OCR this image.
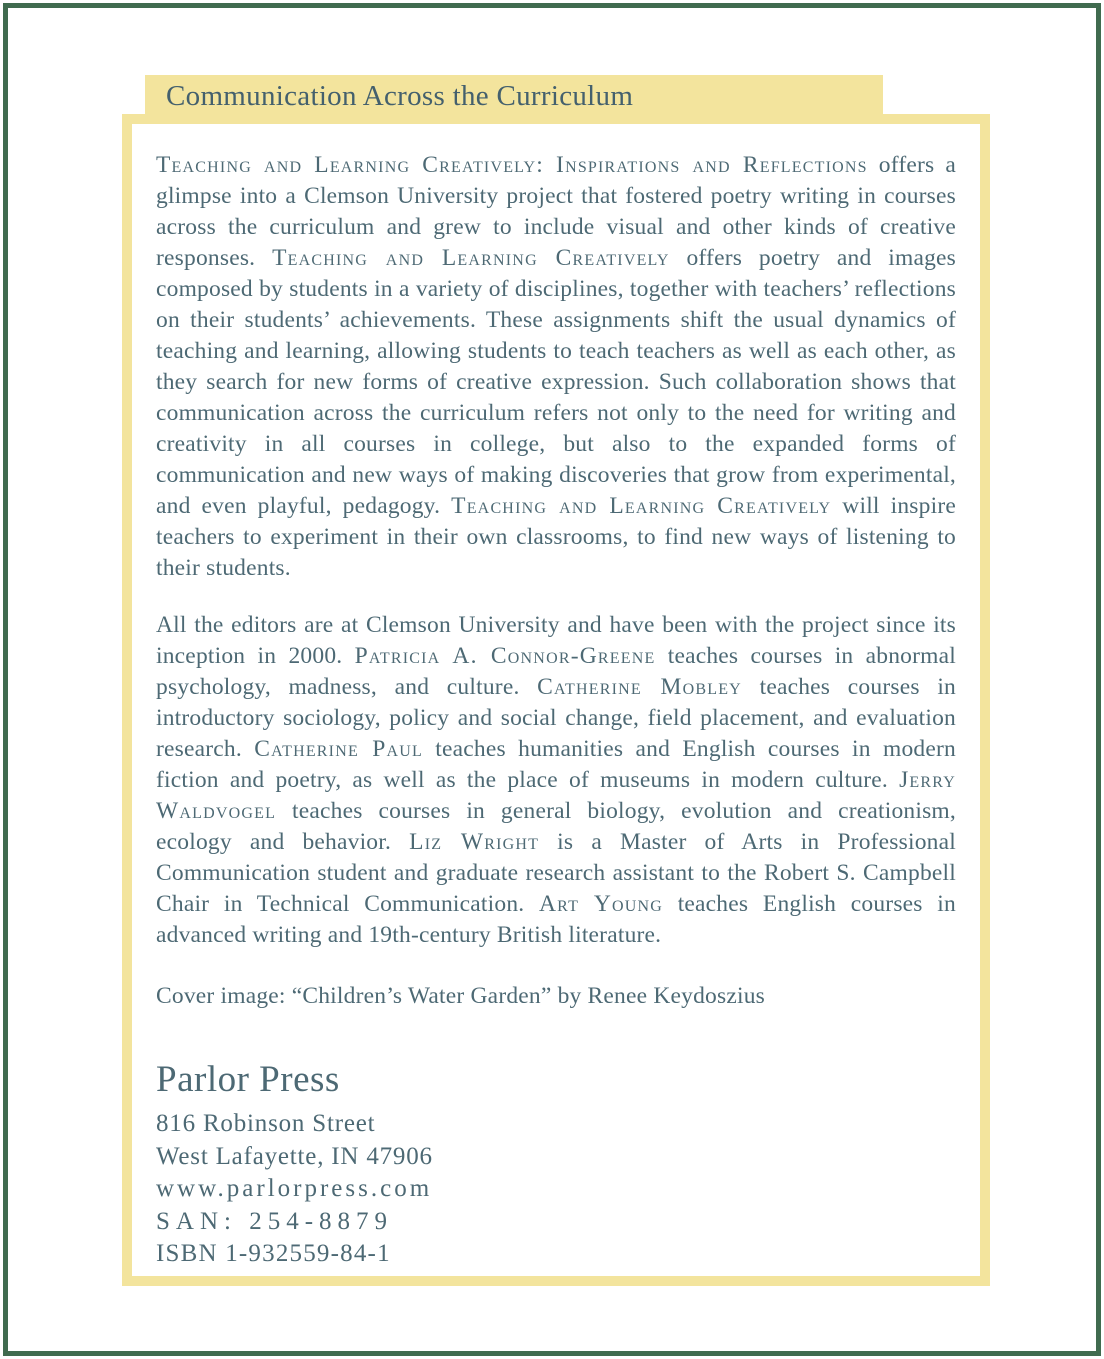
Teaching and Learning Creatively: Inspirations and Reflections offers a glimpse into a Clemson University project that fostered poetry writing in courses across the curriculum and grew to include visual and other kinds of creative responses. Teaching and Learning Creatively offers poetry and images composed by students in a variety of disciplines, together with teachers’ reflections on their students’ achievements. These assignments shift the usual dynamics of teaching and learning, allowing students to teach teachers as well as each other, as they search for new forms of creative expression. Such collaboration shows that communication across the curriculum refers not only to the need for writing and creativity in all courses in college, but also to the expanded forms of communication and new ways of making discoveries that grow from experimental, and even playful, pedagogy. Teaching and Learning Creatively will inspire teachers to experiment in their own classrooms, to find new ways of listening to their students.

All the editors are at Clemson University and have been with the project since its inception in 2000. Patricia A. Connor-Greene teaches courses in abnormal psychology, madness, and culture. Catherine Mobley teaches courses in introductory sociology, policy and social change, field placement, and evaluation research. Catherine Paul teaches humanities and English courses in modern fiction and poetry, as well as the place of museums in modern culture. Jerry Waldvogel teaches courses in general biology, evolution and creationism, ecology and behavior. Liz Wright is a Master of Arts in Professional Communication student and graduate research assistant to the Robert S. Campbell Chair in Technical Communication. Art Young teaches English courses in advanced writing and 19th-century British literature.

Cover image: “Children’s Water Garden” by Renee Keydoszius

Parlor Press
816 Robinson Street
West Lafayette, IN 47906
www.parlorpress.com
SAN: 254-8879
ISBN 1-932559-84-1
Communication Across the Curriculum
